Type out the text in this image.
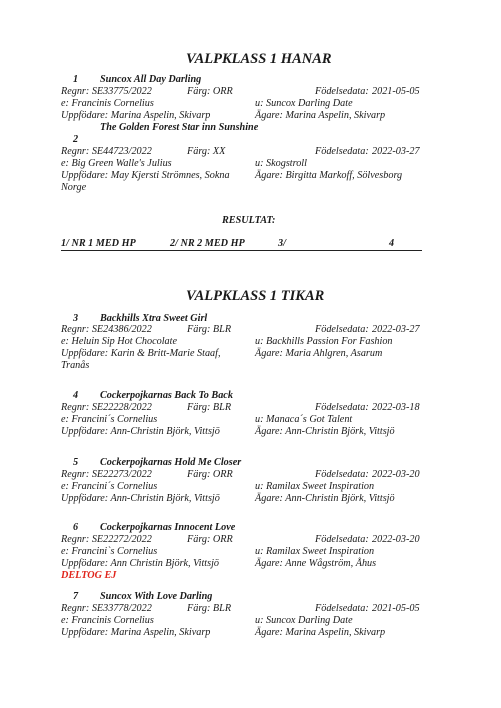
VALPKLASS 1 HANAR
1 Suncox All Day Darling
Regnr: SE33775/2022	Färg: ORR	Födelsedata: 2021-05-05
e: Francinis Cornelius	u: Suncox Darling Date
Uppfödare: Marina Aspelin, Skivarp	Ägare: Marina Aspelin, Skivarp
The Golden Forest Star inn Sunshine
2
Regnr: SE44723/2022	Färg: XX	Födelsedata: 2022-03-27
e: Big Green Walle's Julius	u: Skogstroll
Uppfödare: May Kjersti Strömnes, Sokna Ägare: Birgitta Markoff, Sölvesborg
Norge
RESULTAT:
1/ NR 1 MED HP	2/ NR 2 MED HP	3/	4
VALPKLASS 1 TIKAR
3 Backhills Xtra Sweet Girl
Regnr: SE24386/2022	Färg: BLR	Födelsedata: 2022-03-27
e: Heluin Sip Hot Chocolate	u: Backhills Passion For Fashion
Uppfödare: Karin & Britt-Marie Staaf,	Ägare: Maria Ahlgren, Asarum
Tranås
4 Cockerpojkarnas Back To Back
Regnr: SE22228/2022	Färg: BLR	Födelsedata: 2022-03-18
e: Francini´s Cornelius	u: Manaca´s Got Talent
Uppfödare: Ann-Christin Björk, Vittsjö	Ägare: Ann-Christin Björk, Vittsjö
5 Cockerpojkarnas Hold Me Closer
Regnr: SE22273/2022	Färg: ORR	Födelsedata: 2022-03-20
e: Francini´s Cornelius	u: Ramilax Sweet Inspiration
Uppfödare: Ann-Christin Björk, Vittsjö	Ägare: Ann-Christin Björk, Vittsjö
6 Cockerpojkarnas Innocent Love
Regnr: SE22272/2022	Färg: ORR	Födelsedata: 2022-03-20
e: Francini`s Cornelius	u: Ramilax Sweet Inspiration
Uppfödare: Ann Christin Björk, Vittsjö	Ägare: Anne Wågström, Åhus
DELTOG EJ
7 Suncox With Love Darling
Regnr: SE33778/2022	Färg: BLR	Födelsedata: 2021-05-05
e: Francinis Cornelius	u: Suncox Darling Date
Uppfödare: Marina Aspelin, Skivarp	Ägare: Marina Aspelin, Skivarp
